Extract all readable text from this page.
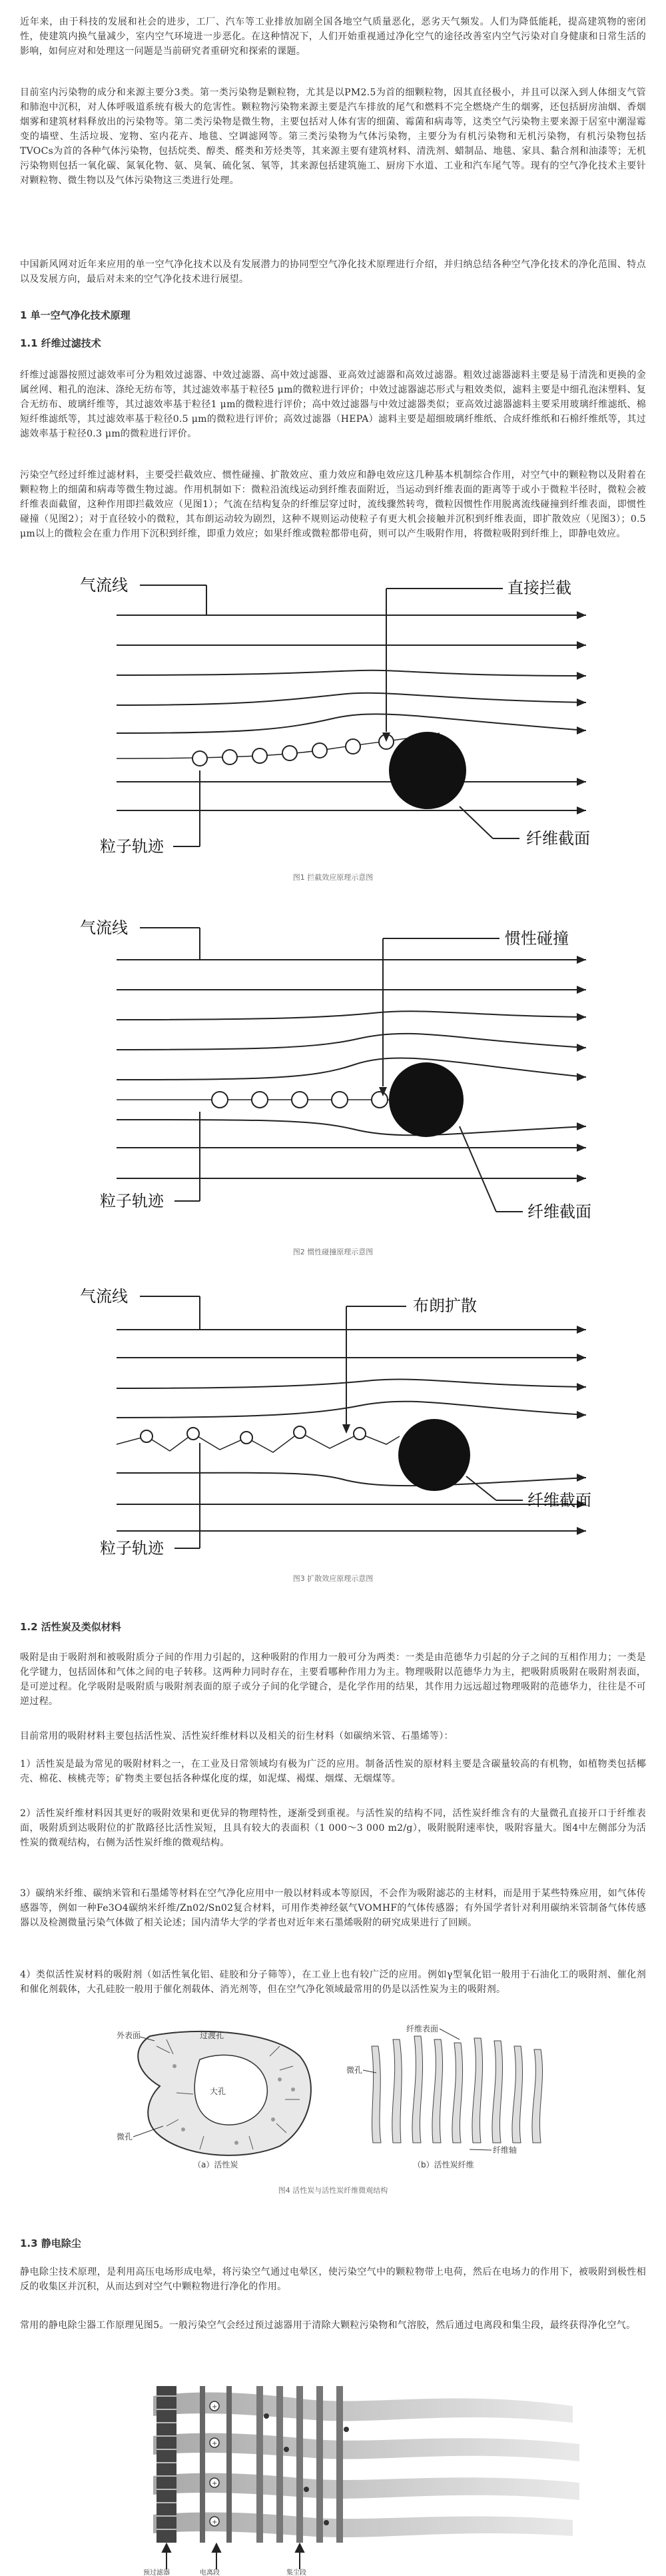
近年来，由于科技的发展和社会的进步，工厂、汽车等工业排放加剧全国各地空气质量恶化，恶劣天气频发。人们为降低能耗，提高建筑物的密闭性，使建筑内换气量减少，室内空气环境进一步恶化。在这种情况下，人们开始重视通过净化空气的途径改善室内空气污染对自身健康和日常生活的影响，如何应对和处理这一问题是当前研究者重研究和探索的课题。

目前室内污染物的成分和来源主要分3类。第一类污染物是颗粒物，尤其是以PM2.5为首的细颗粒物，因其直径极小，并且可以深入到人体细支气管和肺泡中沉积，对人体呼吸道系统有极大的危害性。颗粒物污染物来源主要是汽车排放的尾气和燃料不完全燃烧产生的烟雾，还包括厨房油烟、香烟烟雾和建筑材料释放出的污染物等。第二类污染物是微生物，主要包括对人体有害的细菌、霉菌和病毒等，这类空气污染物主要来源于居室中潮湿霉变的墙壁、生活垃圾、宠物、室内花卉、地毯、空调滤网等。第三类污染物为气体污染物，主要分为有机污染物和无机污染物，有机污染物包括TVOCs为首的各种气体污染物，包括烷类、醇类、醛类和芳烃类等，其来源主要有建筑材料、清洗剂、蜡制品、地毯、家具、黏合剂和油漆等；无机污染物则包括一氧化碳、氮氧化物、氨、臭氧、硫化氢、氡等，其来源包括建筑施工、厨房下水道、工业和汽车尾气等。现有的空气净化技术主要针对颗粒物、微生物以及气体污染物这三类进行处理。

中国新风网对近年来应用的单一空气净化技术以及有发展潜力的协同型空气净化技术原理进行介绍，并归纳总结各种空气净化技术的净化范围、特点以及发展方向，最后对未来的空气净化技术进行展望。

1 单一空气净化技术原理
1.1 纤维过滤技术

纤维过滤器按照过滤效率可分为粗效过滤器、中效过滤器、高中效过滤器、亚高效过滤器和高效过滤器。粗效过滤器滤料主要是易于清洗和更换的金属丝网、粗孔的泡沫、涤纶无纺布等，其过滤效率基于粒径5 μm的微粒进行评价；中效过滤器滤芯形式与粗效类似，滤料主要是中细孔泡沫塑料、复合无纺布、玻璃纤维等，其过滤效率基于粒径1 μm的微粒进行评价；高中效过滤器与中效过滤器类似；亚高效过滤器滤料主要采用玻璃纤维滤纸、棉短纤维滤纸等，其过滤效率基于粒径0.5 μm的微粒进行评价；高效过滤器（HEPA）滤料主要是超细玻璃纤维纸、合成纤维纸和石棉纤维纸等，其过滤效率基于粒径0.3 μm的微粒进行评价。

污染空气经过纤维过滤材料，主要受拦截效应、惯性碰撞、扩散效应、重力效应和静电效应这几种基本机制综合作用，对空气中的颗粒物以及附着在颗粒物上的细菌和病毒等微生物过滤。作用机制如下：微粒沿流线运动到纤维表面附近，当运动到纤维表面的距离等于或小于微粒半径时，微粒会被纤维表面截留，这种作用即拦截效应（见图1）；气流在结构复杂的纤维层穿过时，流线骤然转弯，微粒因惯性作用脱离流线碰撞到纤维表面，即惯性碰撞（见图2）；对于直径较小的微粒，其布朗运动较为剧烈，这种不规则运动使粒子有更大机会接触并沉积到纤维表面，即扩散效应（见图3）；0.5 μm以上的微粒会在重力作用下沉积到纤维，即重力效应；如果纤维或微粒都带电荷，则可以产生吸附作用，将微粒吸附到纤维上，即静电效应。

气流线	直接拦截
粒子轨迹	纤维截面

图1 拦截效应原理示意图

气流线
惯性碰撞
粒子轨迹
纤维截面

图2 惯性碰撞原理示意图

气流线	布朗扩散
粒子轨迹
纤维截面

图3 扩散效应原理示意图

1.2 活性炭及类似材料

吸附是由于吸附剂和被吸附质分子间的作用力引起的，这种吸附的作用力一般可分为两类：一类是由范德华力引起的分子之间的互相作用力；一类是化学键力，包括固体和气体之间的电子转移。这两种力同时存在，主要看哪种作用力为主。物理吸附以范德华力为主，把吸附质吸附在吸附剂表面，是可逆过程。化学吸附是吸附质与吸附剂表面的原子或分子间的化学键合，是化学作用的结果，其作用力远远超过物理吸附的范德华力，往往是不可逆过程。

目前常用的吸附材料主要包括活性炭、活性炭纤维材料以及相关的衍生材料（如碳纳米管、石墨烯等）：

1）活性炭是最为常见的吸附材料之一，在工业及日常领域均有极为广泛的应用。制备活性炭的原材料主要是含碳量较高的有机物，如植物类包括椰壳、棉花、核桃壳等；矿物类主要包括各种煤化度的煤，如泥煤、褐煤、烟煤、无烟煤等。

2）活性炭纤维材料因其更好的吸附效果和更优异的物理特性，逐渐受到重视。与活性炭的结构不同，活性炭纤维含有的大量微孔直接开口于纤维表面，吸附质到达吸附位的扩散路径比活性炭短，且具有较大的表面积（1 000～3 000 m2/g），吸附脱附速率快，吸附容量大。图4中左侧部分为活性炭的微观结构，右侧为活性炭纤维的微观结构。

3）碳纳米纤维、碳纳米管和石墨烯等材料在空气净化应用中一般以材料或本等原因，不会作为吸附滤芯的主材料，而是用于某些特殊应用，如气体传感器等，例如一种Fe3O4碳纳米纤维/Zn02/Sn02复合材料，可用作类神经氨气VOMHF的气体传感器；有外国学者针对利用碳纳米管制备气体传感器以及检测微量污染气体做了相关论述；国内清华大学的学者也对近年来石墨烯吸附的研究成果进行了回顾。

4）类似活性炭材料的吸附剂（如活性氧化铝、硅胶和分子筛等），在工业上也有较广泛的应用。例如γ型氧化铝一般用于石油化工的吸附剂、催化剂和催化剂载体，大孔硅胶一般用于催化剂载体、消光剂等，但在空气净化领域最常用的仍是以活性炭为主的吸附剂。

外表面	过渡孔
大孔
微孔
（a）活性炭
纤维表面
微孔
纤维轴
（b）活性炭纤维

图4 活性炭与活性炭纤维微观结构

1.3 静电除尘

静电除尘技术原理，是利用高压电场形成电晕，将污染空气通过电晕区，使污染空气中的颗粒物带上电荷，然后在电场力的作用下，被吸附到极性相反的收集区并沉积，从而达到对空气中颗粒物进行净化的作用。

常用的静电除尘器工作原理见图5。一般污染空气会经过预过滤器用于清除大颗粒污染物和气溶胶，然后通过电离段和集尘段，最终获得净化空气。

+
+
+
+
预过滤器	电离段	集尘段
